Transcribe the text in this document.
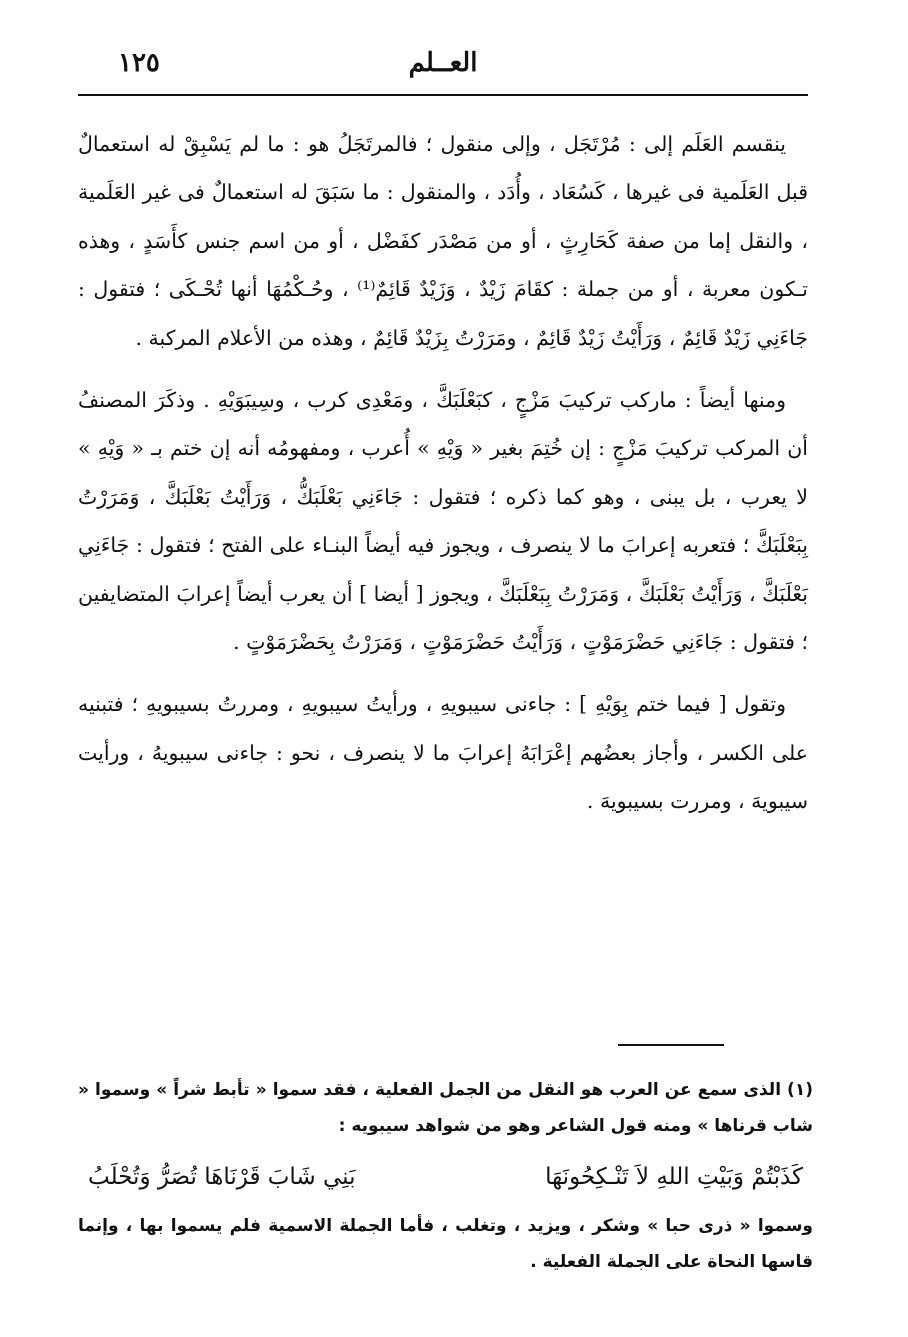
١٢٥	العــلم

ينقسم العَلَم إلى : مُرْتَجَل ، وإلى منقول ؛ فالمرتَجَلُ هو : ما لم يَسْبِقْ له استعمالٌ قبل العَلَمية فى غيرها ، كَسُعَاد ، وأُدَد ، والمنقول : ما سَبَقَ له استعمالٌ فى غير العَلَمية ، والنقل إما من صفة كَحَارِثٍ ، أو من مَصْدَر كفَضْل ، أو من اسم جنس كأَسَدٍ ، وهذه تـكون معربة ، أو من جملة : كقَامَ زَيْدٌ ، وَزَيْدٌ قَائِمٌ⁽¹⁾ ، وحُـكْمُهَا أنها تُحْـكَى ؛ فتقول : جَاءَنِي زَيْدٌ قَائِمٌ ، وَرَأَيْتُ زَيْدٌ قَائِمٌ ، ومَرَرْتُ بِزَيْدٌ قَائِمٌ ، وهذه من الأعلام المركبة .

ومنها أيضاً : ماركب تركيبَ مَزْجٍ ، كبَعْلَبَكَّ ، ومَعْدِى كرب ، وسِيبَوَيْهِ . وذكَرَ المصنفُ أن المركب تركيبَ مَزْجٍ : إن خُتِمَ بغير « وَيْهِ » أُعرب ، ومفهومُه أنه إن ختم بـ « وَيْهِ » لا يعرب ، بل يبنى ، وهو كما ذكره ؛ فتقول : جَاءَنِي بَعْلَبَكُّ ، وَرَأَيْتُ بَعْلَبَكَّ ، وَمَرَرْتُ بِبَعْلَبَكَّ ؛ فتعربه إعرابَ ما لا ينصرف ، ويجوز فيه أيضاً البنـاء على الفتح ؛ فتقول : جَاءَنِي بَعْلَبَكَّ ، وَرَأَيْتُ بَعْلَبَكَّ ، وَمَرَرْتُ بِبَعْلَبَكَّ ، ويجوز [ أيضا ] أن يعرب أيضاً إعرابَ المتضايفين ؛ فتقول : جَاءَنِي حَضْرَمَوْتٍ ، وَرَأَيْتُ حَضْرَمَوْتٍ ، وَمَرَرْتُ بِحَضْرَمَوْتٍ .

وتقول [ فيما ختم بِوَيْهِ ] : جاءنى سيبويهِ ، ورأيتُ سيبويهِ ، ومررتُ بسيبويهِ ؛ فتبنيه على الكسر ، وأجاز بعضُهم إعْرَابَهُ إعرابَ ما لا ينصرف ، نحو : جاءنى سيبويهُ ، ورأيت سيبويهَ ، ومررت بسيبويهَ .

(١) الذى سمع عن العرب هو النقل من الجمل الفعلية ، فقد سموا « تأبط شراً » وسموا « شاب قرناها » ومنه قول الشاعر وهو من شواهد سيبويه :

كَذَبْتُمْ وَبَيْتِ اللهِ لاَ تَنْـكِحُونَهَا
بَنِي شَابَ قَرْنَاهَا تُصَرُّ وَتُحْلَبُ

وسموا « ذرى حبا » وشكر ، ويزيد ، وتغلب ، فأما الجملة الاسمية فلم يسموا بها ، وإنما قاسها النحاة على الجملة الفعلية .
